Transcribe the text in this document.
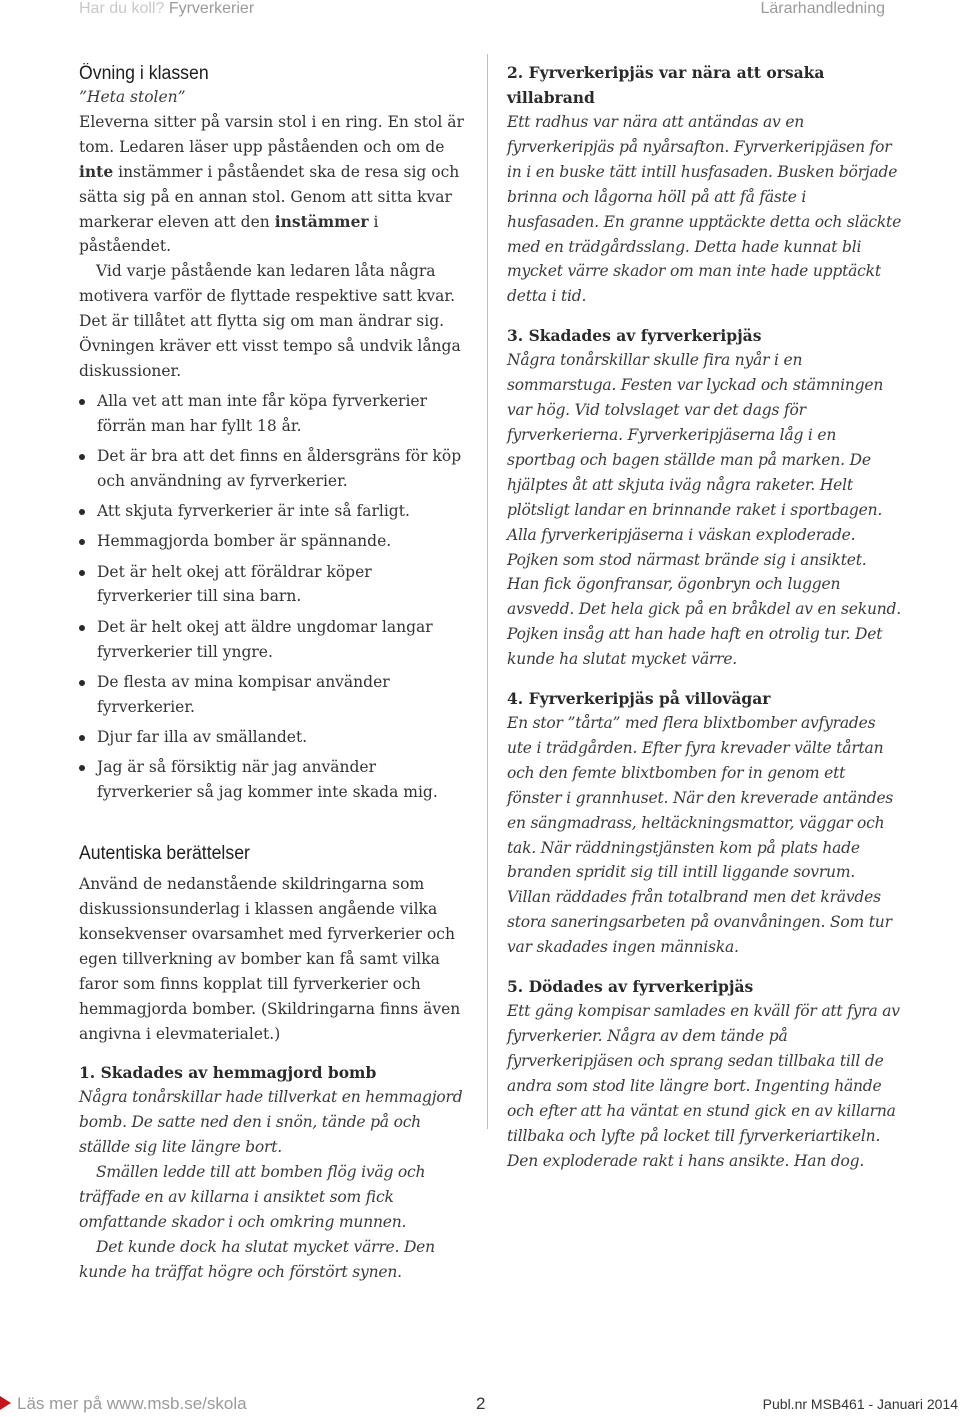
Har du koll? Fyrverkerier	Lärarhandledning
Övning i klassen

”Heta stolen”

Eleverna sitter på varsin stol i en ring. En stol är tom. Ledaren läser upp påståenden och om de inte instämmer i påståendet ska de resa sig och sätta sig på en annan stol. Genom att sitta kvar markerar eleven att den instämmer i påståendet.

Vid varje påstående kan ledaren låta några motivera varför de flyttade respektive satt kvar. Det är tillåtet att flytta sig om man ändrar sig. Övningen kräver ett visst tempo så undvik långa diskussioner.

Alla vet att man inte får köpa fyrverkerier förrän man har fyllt 18 år.
Det är bra att det finns en åldersgräns för köp och användning av fyrverkerier.
Att skjuta fyrverkerier är inte så farligt.
Hemmagjorda bomber är spännande.
Det är helt okej att föräldrar köper fyrverkerier till sina barn.
Det är helt okej att äldre ungdomar langar fyrverkerier till yngre.
De flesta av mina kompisar använder fyrverkerier.
Djur far illa av smällandet.
Jag är så försiktig när jag använder fyrverkerier så jag kommer inte skada mig.
Autentiska berättelser

Använd de nedanstående skildringarna som diskussionsunderlag i klassen angående vilka konsekvenser ovarsamhet med fyrverkerier och egen tillverkning av bomber kan få samt vilka faror som finns kopplat till fyrverkerier och hemmagjorda bomber. (Skildringarna finns även angivna i elevmaterialet.)

1. Skadades av hemmagjord bomb

Några tonårskillar hade tillverkat en hemmagjord bomb. De satte ned den i snön, tände på och ställde sig lite längre bort.

Smällen ledde till att bomben flög iväg och träffade en av killarna i ansiktet som fick omfattande skador i och omkring munnen.

Det kunde dock ha slutat mycket värre. Den kunde ha träffat högre och förstört synen.

2. Fyrverkeripjäs var nära att orsaka villabrand

Ett radhus var nära att antändas av en fyrverkeripjäs på nyårsafton. Fyrverkeripjäsen for in i en buske tätt intill husfasaden. Busken började brinna och lågorna höll på att få fäste i husfasaden. En granne upptäckte detta och släckte med en trädgårdsslang. Detta hade kunnat bli mycket värre skador om man inte hade upptäckt detta i tid.

3. Skadades av fyrverkeripjäs

Några tonårskillar skulle fira nyår i en sommarstuga. Festen var lyckad och stämningen var hög. Vid tolvslaget var det dags för fyrverkerierna. Fyrverkeripjäserna låg i en sportbag och bagen ställde man på marken. De hjälptes åt att skjuta iväg några raketer. Helt plötsligt landar en brinnande raket i sportbagen. Alla fyrverkeripjäserna i väskan exploderade. Pojken som stod närmast brände sig i ansiktet. Han fick ögonfransar, ögonbryn och luggen avsvedd. Det hela gick på en bråkdel av en sekund. Pojken insåg att han hade haft en otrolig tur. Det kunde ha slutat mycket värre.

4. Fyrverkeripjäs på villovägar

En stor ”tårta” med flera blixtbomber avfyrades ute i trädgården. Efter fyra krevader välte tårtan och den femte blixtbomben for in genom ett fönster i grannhuset. När den kreverade antändes en sängmadrass, heltäckningsmattor, väggar och tak. När räddningstjänsten kom på plats hade branden spridit sig till intill liggande sovrum. Villan räddades från totalbrand men det krävdes stora saneringsarbeten på ovanvåningen. Som tur var skadades ingen människa.

5. Dödades av fyrverkeripjäs

Ett gäng kompisar samlades en kväll för att fyra av fyrverkerier. Några av dem tände på fyrverkeripjäsen och sprang sedan tillbaka till de andra som stod lite längre bort. Ingenting hände och efter att ha väntat en stund gick en av killarna tillbaka och lyfte på locket till fyrverkeriartikeln. Den exploderade rakt i hans ansikte. Han dog.

Läs mer på www.msb.se/skola	2	Publ.nr MSB461 - Januari 2014
